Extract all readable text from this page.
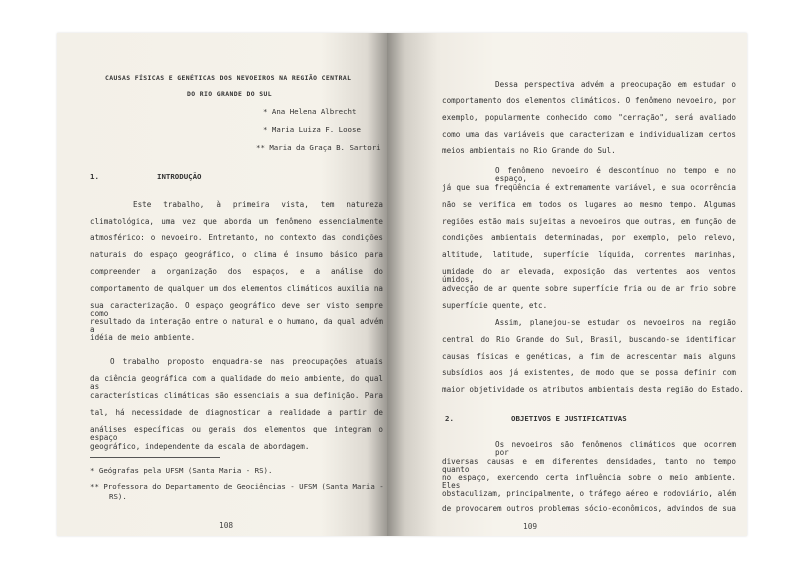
CAUSAS FÍSICAS E GENÉTICAS DOS NEVOEIROS NA REGIÃO CENTRAL
DO RIO GRANDE DO SUL
* Ana Helena Albrecht
* Maria Luiza F. Loose
** Maria da Graça B. Sartori
1.	INTRODUÇÃO
Este trabalho, à primeira vista, tem natureza
climatológica, uma vez que aborda um fenômeno essencialmente
atmosférico: o nevoeiro. Entretanto, no contexto das condições
naturais do espaço geográfico, o clima é insumo básico para
compreender a organização dos espaços, e a análise do
comportamento de qualquer um dos elementos climáticos auxilia na
sua caracterização. O espaço geográfico deve ser visto sempre como
resultado da interação entre o natural e o humano, da qual advém a
idéia de meio ambiente.
O trabalho proposto enquadra-se nas preocupações atuais
da ciência geográfica com a qualidade do meio ambiente, do qual as
características climáticas são essenciais a sua definição. Para
tal, há necessidade de diagnosticar a realidade a partir de
análises específicas ou gerais dos elementos que integram o espaço
geográfico, independente da escala de abordagem.
* Geógrafas pela UFSM (Santa Maria - RS).
** Professora do Departamento de Geociências - UFSM (Santa Maria -
RS).
108
Dessa perspectiva advém a preocupação em estudar o
comportamento dos elementos climáticos. O fenômeno nevoeiro, por
exemplo, popularmente conhecido como "cerração", será avaliado
como uma das variáveis que caracterizam e individualizam certos
meios ambientais no Rio Grande do Sul.
O fenômeno nevoeiro é descontínuo no tempo e no espaço,
já que sua freqüência é extremamente variável, e sua ocorrência
não se verifica em todos os lugares ao mesmo tempo. Algumas
regiões estão mais sujeitas a nevoeiros que outras, em função de
condições ambientais determinadas, por exemplo, pelo relevo,
altitude, latitude, superfície líquida, correntes marinhas,
umidade do ar elevada, exposição das vertentes aos ventos úmidos,
advecção de ar quente sobre superfície fria ou de ar frio sobre
superfície quente, etc.
Assim, planejou-se estudar os nevoeiros na região
central do Rio Grande do Sul, Brasil, buscando-se identificar
causas físicas e genéticas, a fim de acrescentar mais alguns
subsídios aos já existentes, de modo que se possa definir com
maior objetividade os atributos ambientais desta região do Estado.
2.	OBJETIVOS E JUSTIFICATIVAS
Os nevoeiros são fenômenos climáticos que ocorrem por
diversas causas e em diferentes densidades, tanto no tempo quanto
no espaço, exercendo certa influência sobre o meio ambiente. Eles
obstaculizam, principalmente, o tráfego aéreo e rodoviário, além
de provocarem outros problemas sócio-econômicos, advindos de sua
109
